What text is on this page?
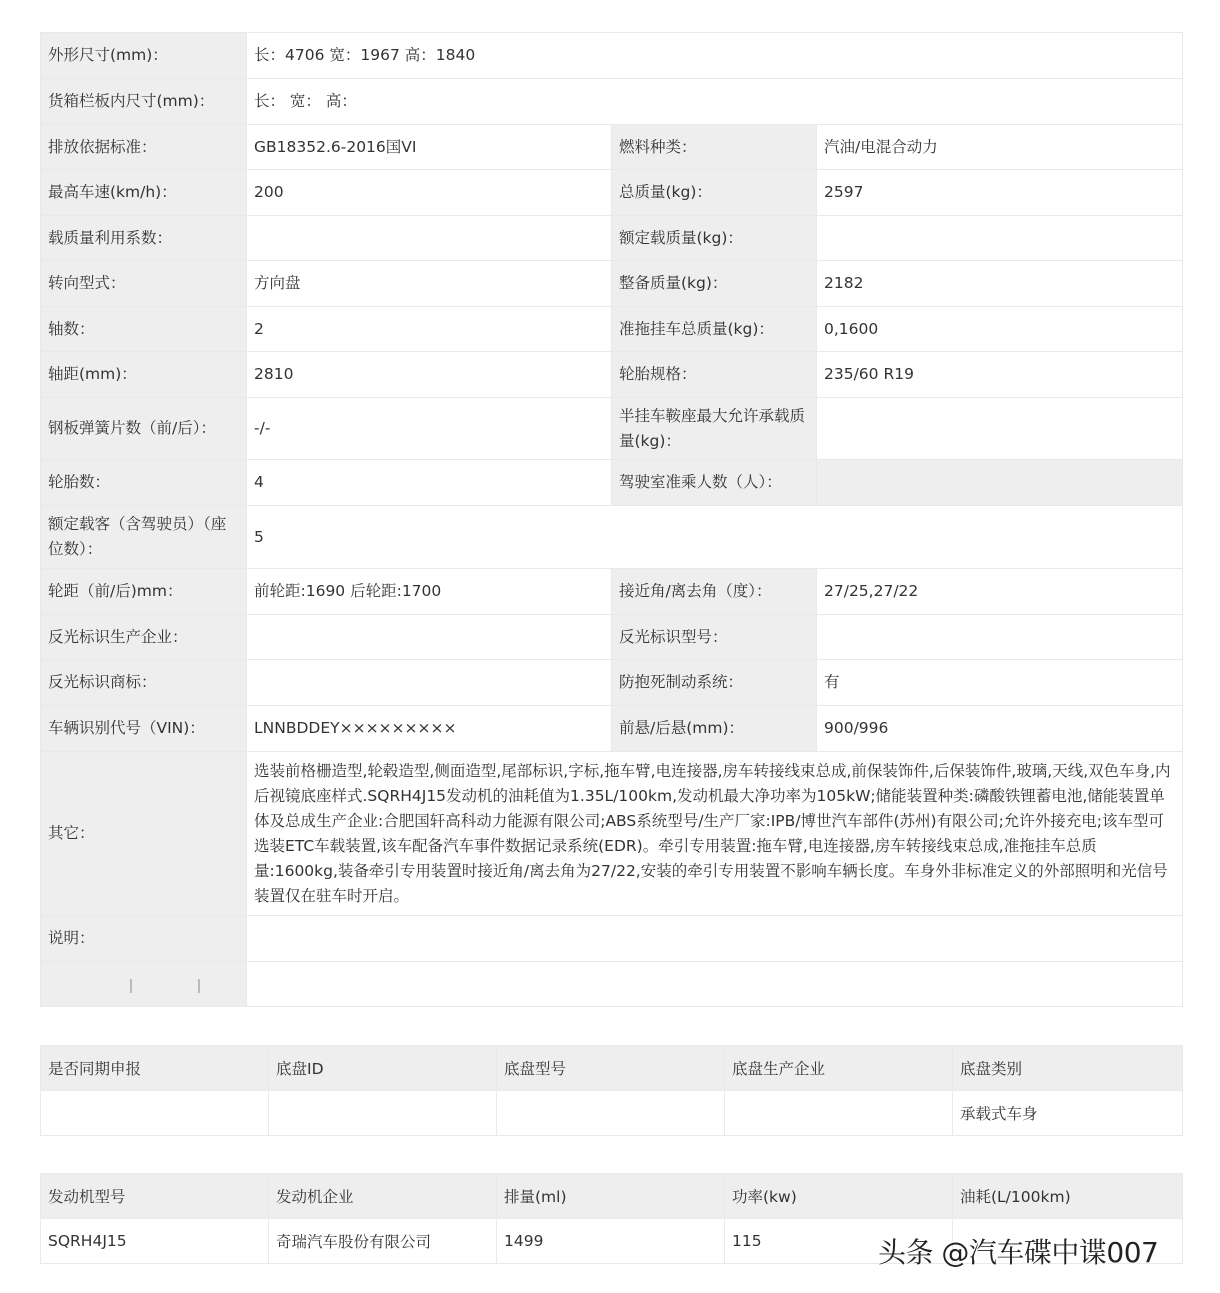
外形尺寸(mm)：	长：4706 宽：1967 高：1840		
货箱栏板内尺寸(mm)：	长： 宽： 高：		
排放依据标准：	GB18352.6-2016国VI	燃料种类：	汽油/电混合动力
最高车速(km/h)：	200	总质量(kg)：	2597
载质量利用系数：		额定载质量(kg)：	
转向型式：	方向盘	整备质量(kg)：	2182
轴数：	2	准拖挂车总质量(kg)：	0,1600
轴距(mm)：	2810	轮胎规格：	235/60 R19
钢板弹簧片数（前/后）：	-/-	半挂车鞍座最大允许承载质量(kg)：	
轮胎数：	4	驾驶室准乘人数（人）：	
额定载客（含驾驶员）（座位数）：	5		
轮距（前/后)mm：	前轮距:1690 后轮距:1700	接近角/离去角（度）：	27/25,27/22
反光标识生产企业：		反光标识型号：	
反光标识商标：		防抱死制动系统：	有
车辆识别代号（VIN)：	LNNBDDEY×××××××××	前悬/后悬(mm)：	900/996
其它：	选装前格栅造型,轮毂造型,侧面造型,尾部标识,字标,拖车臂,电连接器,房车转接线束总成,前保装饰件,后保装饰件,玻璃,天线,双色车身,内后视镜底座样式.SQRH4J15发动机的油耗值为1.35L/100km,发动机最大净功率为105kW;储能装置种类:磷酸铁锂蓄电池,储能装置单体及总成生产企业:合肥国轩高科动力能源有限公司;ABS系统型号/生产厂家:IPB/博世汽车部件(苏州)有限公司;允许外接充电;该车型可选装ETC车载装置,该车配备汽车事件数据记录系统(EDR)。牵引专用装置:拖车臂,电连接器,房车转接线束总成,准拖挂车总质量:1600kg,装备牵引专用装置时接近角/离去角为27/22,安装的牵引专用装置不影响车辆长度。车身外非标准定义的外部照明和光信号装置仅在驻车时开启。		
说明：			

是否同期申报	底盘ID	底盘型号	底盘生产企业	底盘类别
				承载式车身
发动机型号	发动机企业	排量(ml)	功率(kw)	油耗(L/100km)
SQRH4J15	奇瑞汽车股份有限公司	1499	115		头条 @汽车碟中谍007
